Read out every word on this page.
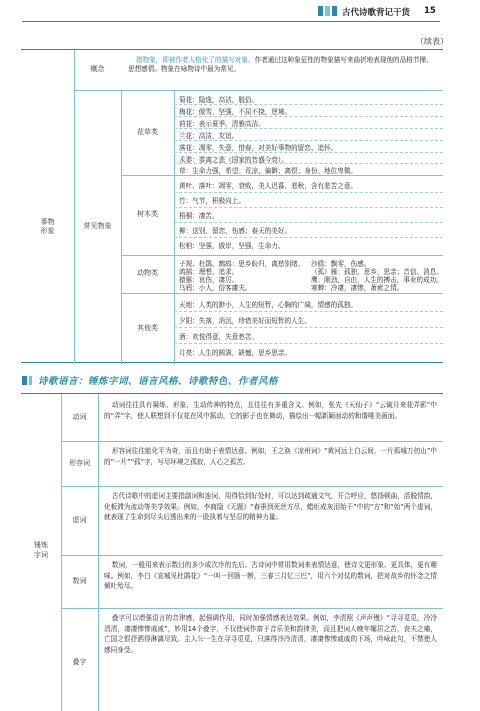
古代诗歌背记干货 15
（续表）
事物形象
概念
常见物象
指物象，即被作者人格化了的描写对象。作者通过这种象征性的物象描写来曲折地表现他的品格节操、思想感情。物象在咏物诗中最为常见。
花草类
树木类
动物类
其他类
菊花：隐逸，高洁，脱俗。
梅花：傲雪，坚强，不屈不挠，逆境。
荷花：表示夏季，清雅高洁。
兰花：高洁，友谊。
落花：凋零，失意，惜春，对美好事物的留恋、追怀。
禾黍：黍离之悲（国家的昔盛今衰）。
草：生命力强，希望；荒凉，偏僻；离恨；身份、地位卑微。
黄叶、落叶：凋零，衰败，美人迟暮，悲秋，含有悲苦之意。
竹：气节，积极向上。
梧桐：凄苦。
柳：送别，留恋，伤感；春天的美好。
松柏：坚强，傲岸，坚强，生命力。
子规、杜鹃、鹧鸪：思乡盼归，离愁别绪。
鸿鹄：理想，追求。
猿猴：哀伤，凄厉。
乌鸦：小人，俗客庸夫。
沙鸥：飘零，伤感。
（孤）雁：孤独，思乡，思亲；音信、消息。
鹰：刚劲，自由，人生的搏击，事业的成功。
寒蝉：冷凄，凄惨，萧索之情。
天地：人类的渺小，人生的短暂，心胸的广阔，情感的孤独。
夕阳：失落，消沉，珍惜美好而短暂的人生。
酒：欢悦得意，失意愁苦。
月亮：人生的圆满，缺憾，思乡思亲。
诗歌语言：锤炼字词、语言风格、诗歌特色、作者风格
锤炼字词
动词
形容词
虚词
数词
叠字
动词往往具有凝练、形象、生动传神的特点，且往往有多重含义。例如，张先《天仙子》“云破月来花弄影”中的“弄”字，使人联想到不仅花在风中摇动，它的影子也在舞动，描绘出一幅新颖面动的和谐唯美画面。
形容词往往能化平为奇，而且有助于表情达意。例如，王之涣《凉州词》“黄河远上白云间，一片孤城万仞山”中的“一片”“孤”字，写尽环境之孤寂，人心之孤苦。
古代诗歌中的虚词主要指副词和连词，用得恰到好处时，可以达到疏通文气，开合呼应，悠扬顿曲，活脱情韵，化板滞为流动等美学效果。例如，李商隐《无题》“春蚕到死丝方尽，蜡炬成灰泪始干”中的“方”和“始”两个虚词，就表现了生命到尽头后透出来的一股执着与坚忍的精神力量。
数词，一般用来表示数目的多少或次序的先后。古诗词中常用数词来表情达意，使诗文更形象、更具体，更有趣味。例如，李白《宣城见杜鹃花》“一叫一回肠一断，三春三月忆三巴”，用六个对仗的数词，把对故乡的怀念之情倾吐殆尽。
叠字可以增强语言的音律感，起强调作用，同时加强情感表达效果。例如，李清照《声声慢》“寻寻觅觅，冷冷清清，凄凄惨惨戚戚”，妙用14个叠字，不仅使词作富于音乐美和韵律美，而且把词人晚年孀居之苦，丧夫之痛，亡国之恨抒洒得淋漓尽致。主人公一生在寻寻觅觅，只落得冷冷清清，凄凄惨惨戚戚的下场，吟咏此句，不禁使人感同身受。
